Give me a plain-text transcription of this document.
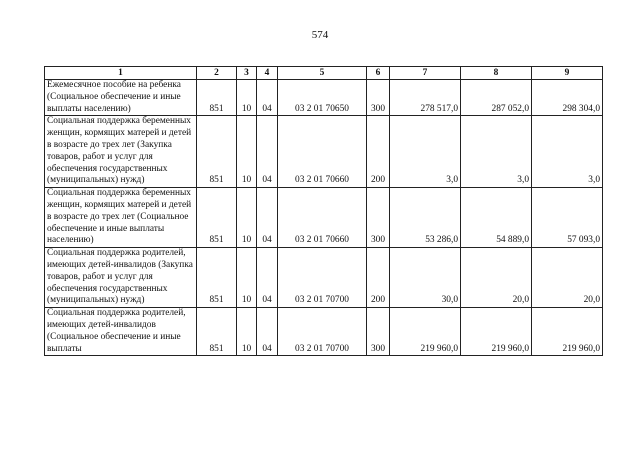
574
1	2	3	4	5	6	7	8	9
Ежемесячное пособие на ребенка (Социальное обеспечение и иные выплаты населению)	851	10	04	03 2 01 70650	300	278 517,0	287 052,0	298 304,0
Социальная поддержка беременных женщин, кормящих матерей и детей в возрасте до трех лет (Закупка товаров, работ и услуг для обеспечения государственных (муниципальных) нужд)	851	10	04	03 2 01 70660	200	3,0	3,0	3,0
Социальная поддержка беременных женщин, кормящих матерей и детей в возрасте до трех лет (Социальное обеспечение и иные выплаты населению)	851	10	04	03 2 01 70660	300	53 286,0	54 889,0	57 093,0
Социальная поддержка родителей, имеющих детей-инвалидов (Закупка товаров, работ и услуг для обеспечения государственных (муниципальных) нужд)	851	10	04	03 2 01 70700	200	30,0	20,0	20,0
Социальная поддержка родителей, имеющих детей-инвалидов (Социальное обеспечение и иные выплаты	851	10	04	03 2 01 70700	300	219 960,0	219 960,0	219 960,0
